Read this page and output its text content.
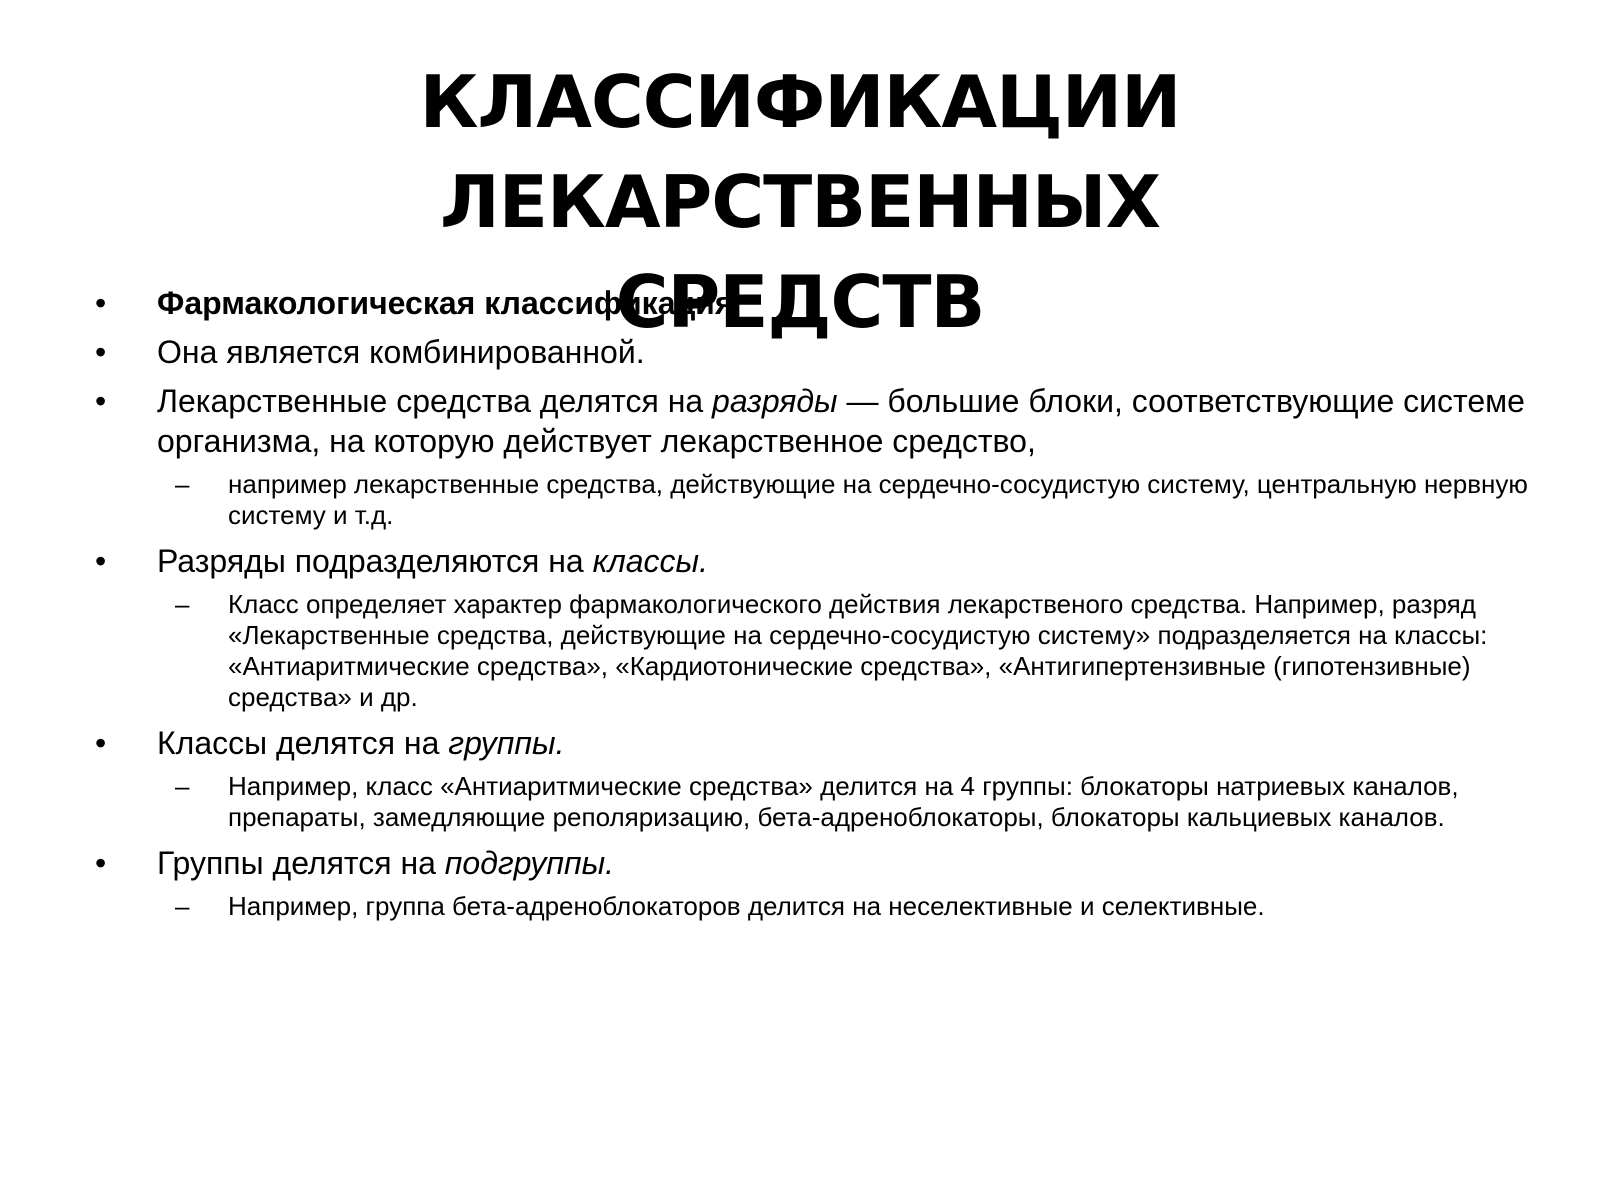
КЛАССИФИКАЦИИ ЛЕКАРСТВЕННЫХ
СРЕДСТВ
•	Фармакологическая классификация
•	Она является комбинированной.
•	Лекарственные средства делятся на разряды — большие блоки, соответствующие системе организма, на которую действует лекарственное средство,
– например лекарственные средства, действующие на сердечно-сосудистую систему, центральную нервную систему и т.д.
•	Разряды подразделяются на классы.
– Класс определяет характер фармакологического действия лекарственого средства. Например, разряд «Лекарственные средства, действующие на сердечно-сосудистую систему» подразделяется на классы: «Антиаритмические средства», «Кардиотонические средства», «Антигипертензивные (гипотензивные) средства» и др.
•	Классы делятся на группы.
– Например, класс «Антиаритмические средства» делится на 4 группы: блокаторы натриевых каналов, препараты, замедляющие реполяризацию, бета-адреноблокаторы, блокаторы кальциевых каналов.
•	Группы делятся на подгруппы.
– Например, группа бета-адреноблокаторов делится на неселективные и селективные.
